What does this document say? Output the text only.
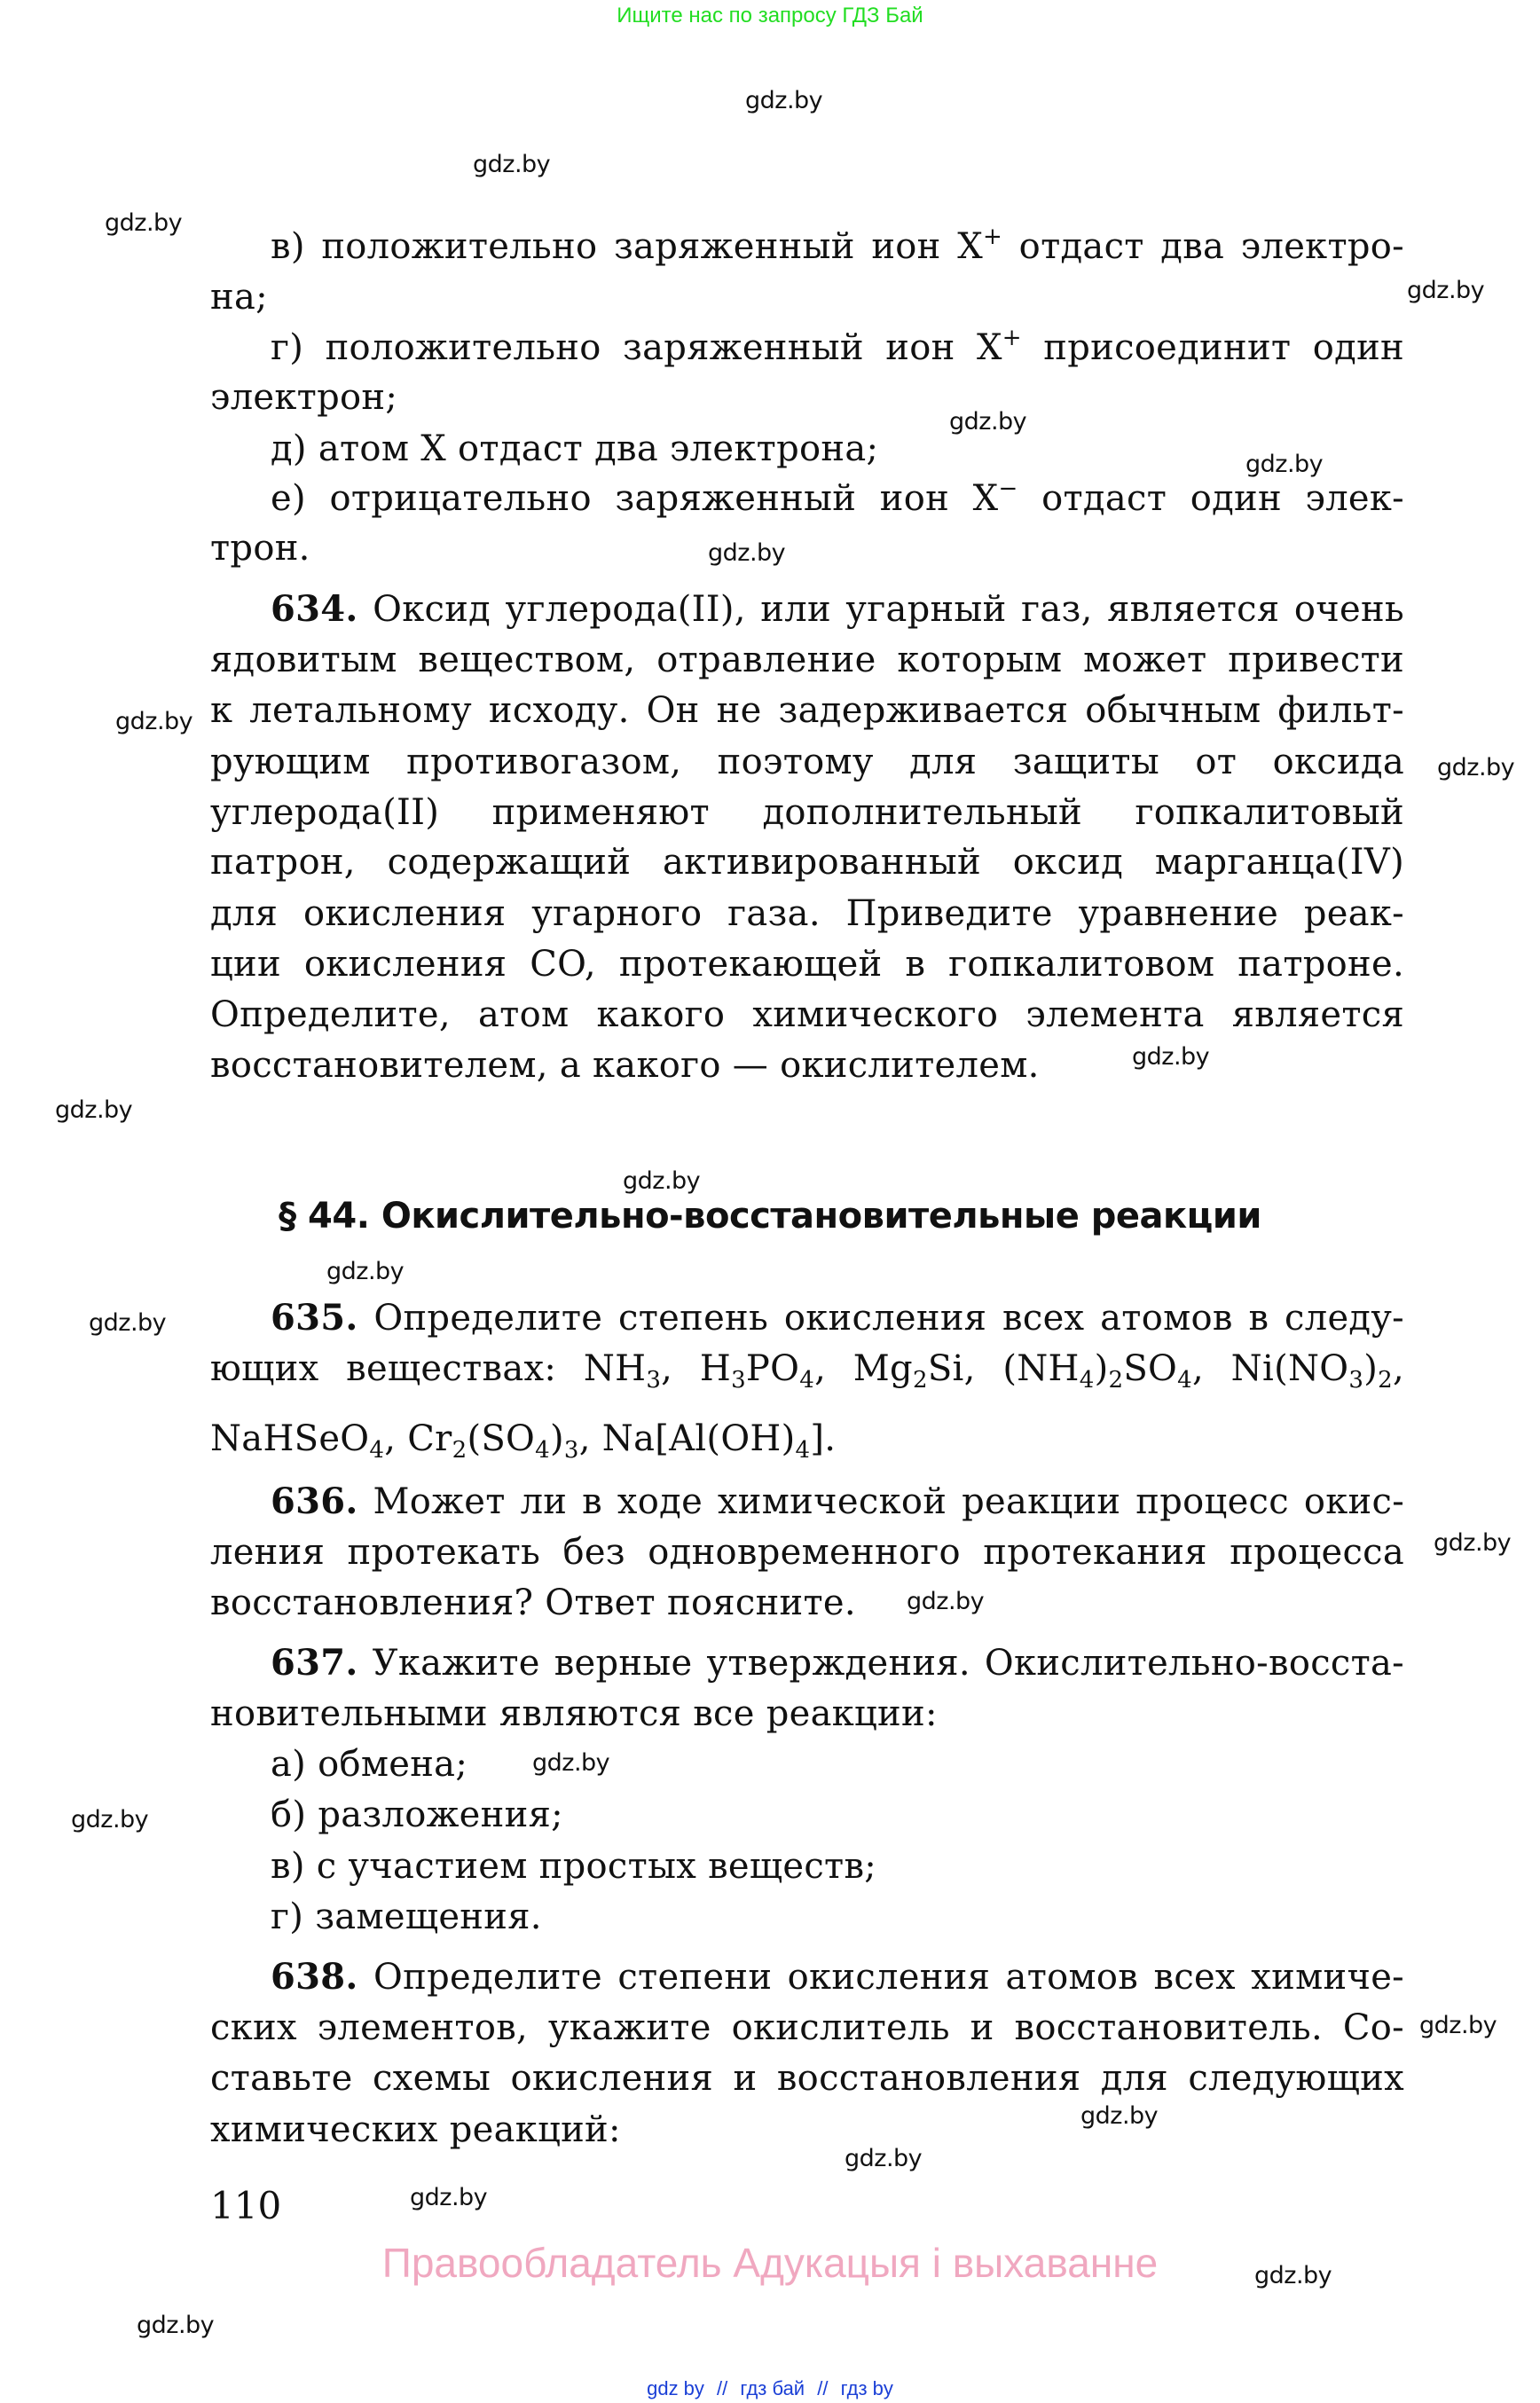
Ищите нас по запросу ГДЗ Бай
gdz.by
gdz.by
gdz.by
gdz.by
gdz.by
gdz.by
gdz.by
gdz.by
gdz.by
gdz.by
gdz.by
gdz.by
gdz.by
gdz.by
gdz.by
gdz.by
gdz.by
gdz.by
gdz.by
gdz.by
gdz.by
gdz.by
gdz.by
gdz.by
в) положительно заряженный ион X+ отдаст два электро-
на;
г) положительно заряженный ион X+ присоединит один
электрон;
д) атом X отдаст два электрона;
е) отрицательно заряженный ион X− отдаст один элек-
трон.
634. Оксид углерода(II), или угарный газ, является очень
ядовитым веществом, отравление которым может привести
к летальному исходу. Он не задерживается обычным фильт-
рующим противогазом, поэтому для защиты от оксида
углерода(II) применяют дополнительный гопкалитовый
патрон, содержащий активированный оксид марганца(IV)
для окисления угарного газа. Приведите уравнение реак-
ции окисления CO, протекающей в гопкалитовом патроне.
Определите, атом какого химического элемента является
восстановителем, а какого — окислителем.
§ 44. Окислительно-восстановительные реакции
635. Определите степень окисления всех атомов в следу-
ющих веществах: $NH_3$, $H_3PO_4$, $Mg_2Si$, $(NH_4)_2SO_4$, $Ni(NO_3)_2$,
NaHSeO$_4$, $Cr_2(SO_4)_3$, $Na[Al(OH)_4]$.
636. Может ли в ходе химической реакции процесс окис-
ления протекать без одновременного протекания процесса
восстановления? Ответ поясните.
637. Укажите верные утверждения. Окислительно-восста-
новительными являются все реакции:
а) обмена;
б) разложения;
в) с участием простых веществ;
г) замещения.
638. Определите степени окисления атомов всех химиче-
ских элементов, укажите окислитель и восстановитель. Со-
ставьте схемы окисления и восстановления для следующих
химических реакций:
110
Правообладатель Адукацыя і выхаванне
gdz by // гдз бай // гдз by
